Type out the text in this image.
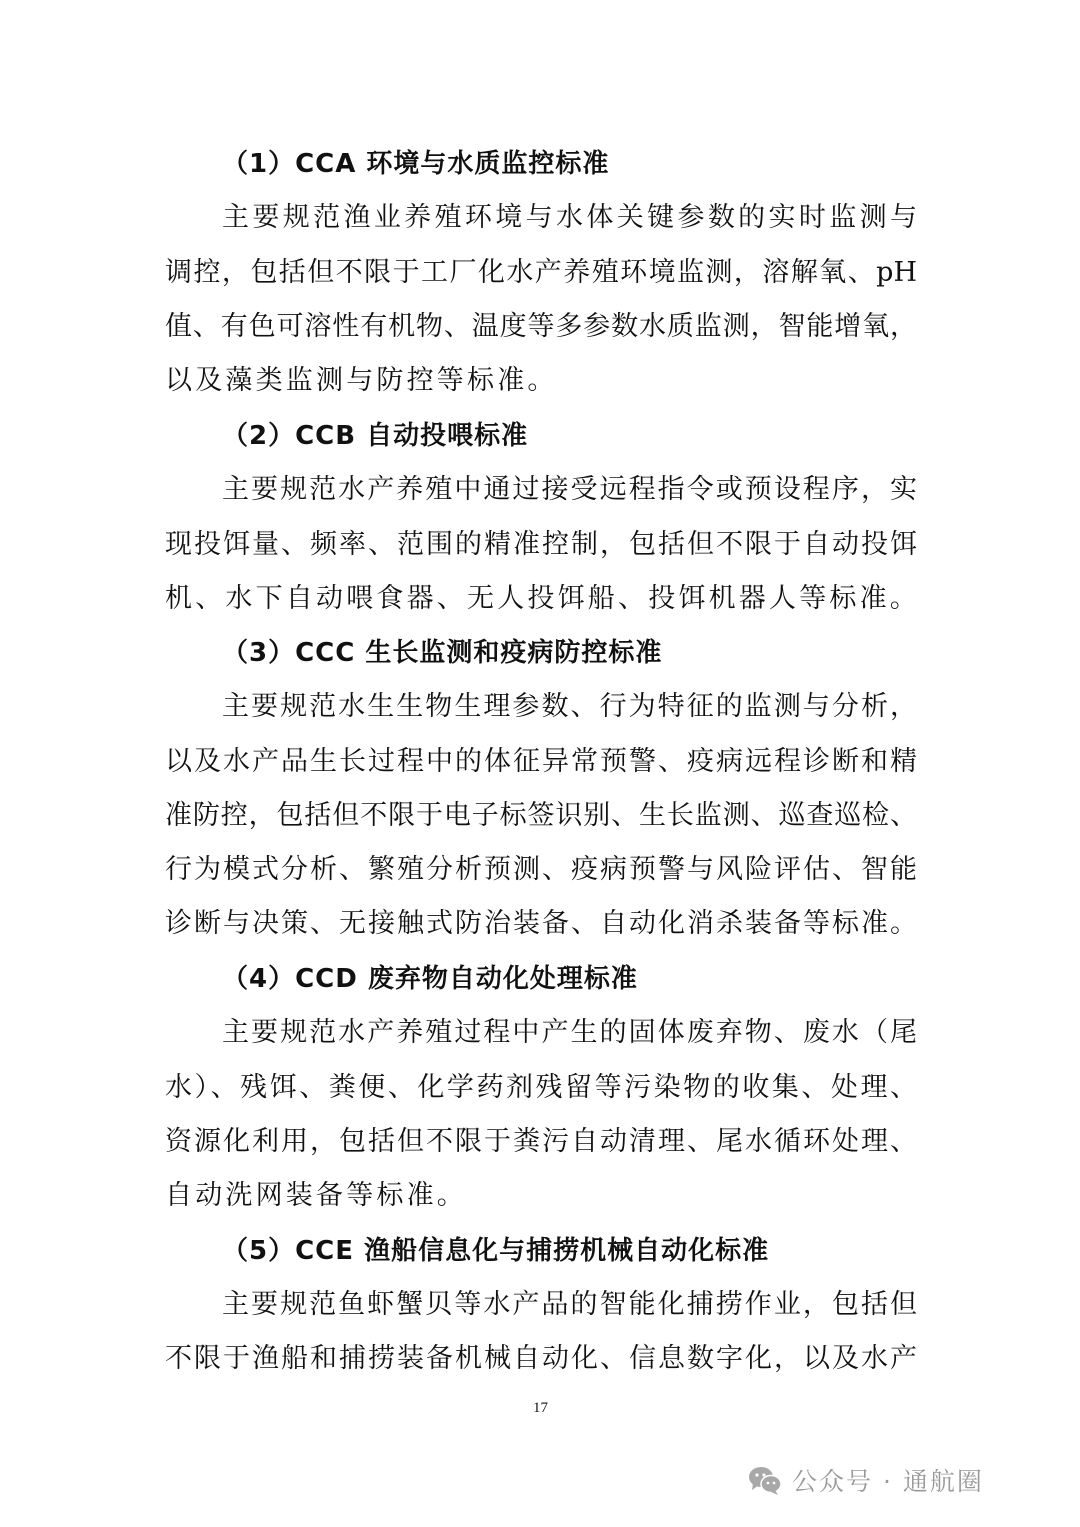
（1）CCA 环境与水质监控标准
主要规范渔业养殖环境与水体关键参数的实时监测与
调控，包括但不限于工厂化水产养殖环境监测，溶解氧、pH
值、有色可溶性有机物、温度等多参数水质监测，智能增氧，
以及藻类监测与防控等标准。
（2）CCB 自动投喂标准
主要规范水产养殖中通过接受远程指令或预设程序，实
现投饵量、频率、范围的精准控制，包括但不限于自动投饵
机、水下自动喂食器、无人投饵船、投饵机器人等标准。
（3）CCC 生长监测和疫病防控标准
主要规范水生生物生理参数、行为特征的监测与分析，
以及水产品生长过程中的体征异常预警、疫病远程诊断和精
准防控，包括但不限于电子标签识别、生长监测、巡查巡检、
行为模式分析、繁殖分析预测、疫病预警与风险评估、智能
诊断与决策、无接触式防治装备、自动化消杀装备等标准。
（4）CCD 废弃物自动化处理标准
主要规范水产养殖过程中产生的固体废弃物、废水（尾
水）、残饵、粪便、化学药剂残留等污染物的收集、处理、
资源化利用，包括但不限于粪污自动清理、尾水循环处理、
自动洗网装备等标准。
（5）CCE 渔船信息化与捕捞机械自动化标准
主要规范鱼虾蟹贝等水产品的智能化捕捞作业，包括但
不限于渔船和捕捞装备机械自动化、信息数字化，以及水产
17
公众号 · 通航圈
